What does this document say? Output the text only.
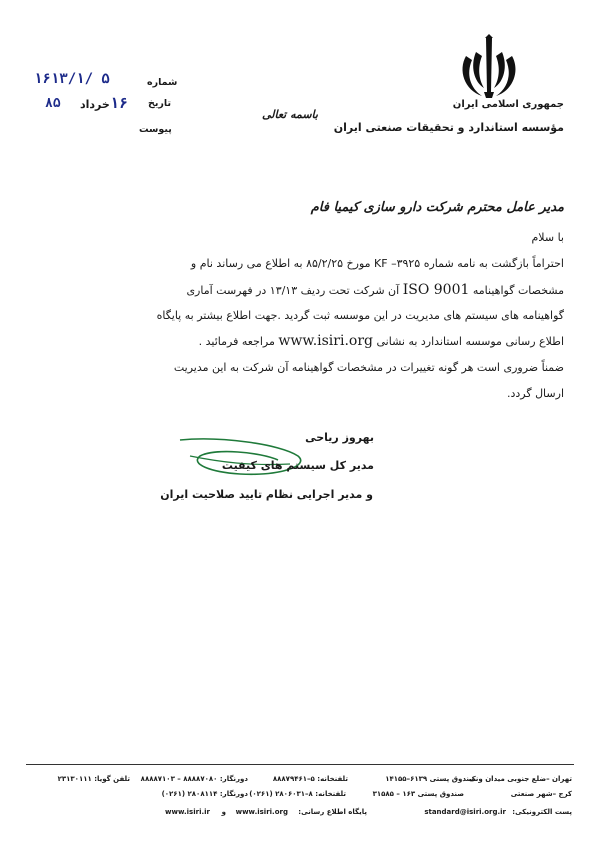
جمهوری اسلامی ایران
مؤسسه استاندارد و تحقیقات صنعتی ایران
باسمه تعالی
شماره
۱۶۱۳/۱/ ۵
تاریخ
۱۶
خرداد
۸۵
پیوست
مدیر عامل محترم شرکت دارو سازی کیمیا فام
با سلام
احتراماً بازگشت به نامه شماره KF –۳۹۲۵ مورخ ۸۵/۲/۲۵ به اطلاع می رساند نام و
مشخصات گواهینامه ISO 9001 آن شرکت تحت ردیف ۱۳/۱۳ در فهرست آماری
گواهینامه های سیستم های مدیریت در این موسسه ثبت گردید .جهت اطلاع بیشتر به پایگاه
اطلاع رسانی موسسه استاندارد به نشانی www.isiri.org مراجعه فرمائید .
ضمناً ضروری است هر گونه تغییرات در مشخصات گواهینامه آن شرکت به این مدیریت
ارسال گردد.
بهروز ریاحی
مدیر کل سیستم های کیفیت
و مدیر اجرایی نظام تایید صلاحیت ایران
تهران –ضلع جنوبی میدان ونک
صندوق پستی ۶۱۳۹–۱۴۱۵۵
تلفنخانه: ۵–۸۸۸۷۹۴۶۱
دورنگار: ۸۸۸۸۷۰۸۰ – ۸۸۸۸۷۱۰۳
تلفن گویا: ۲۳۱۳۰۱۱۱
کرج –شهر صنعتی
صندوق پستی ۱۶۳ – ۳۱۵۸۵
تلفنخانه: ۸–۲۸۰۶۰۳۱ (۰۲۶۱)
دورنگار: ۲۸۰۸۱۱۴ (۰۲۶۱)
پست الکترونیکی:
standard@isiri.org.ir
پایگاه اطلاع رسانی:
www.isiri.org
و
www.isiri.ir
